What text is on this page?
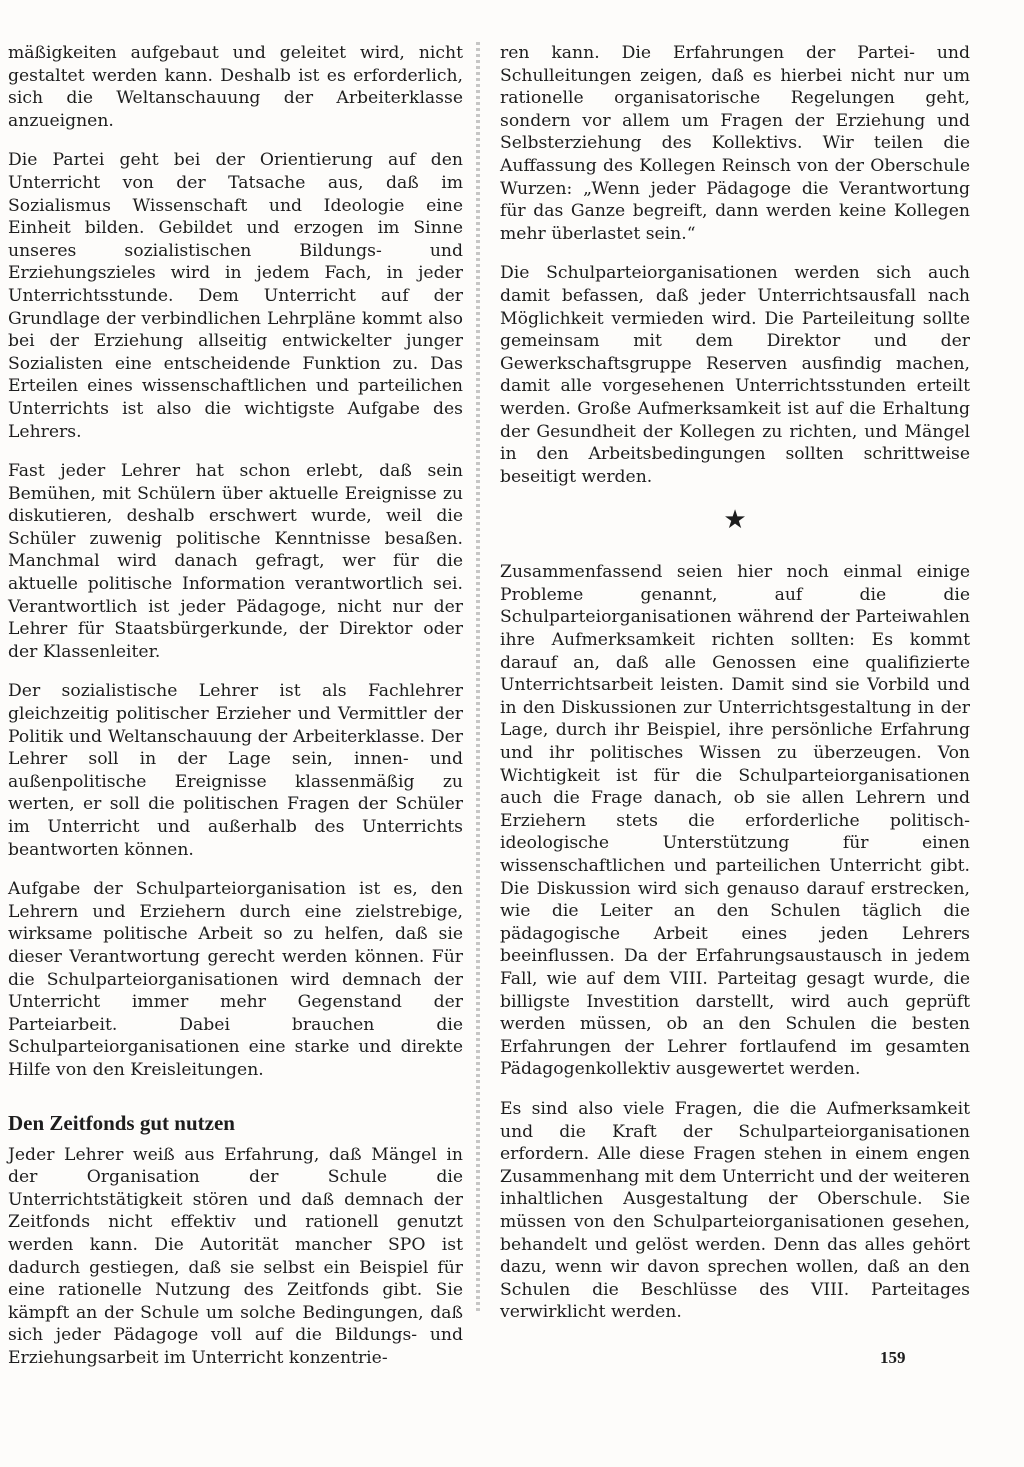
mäßigkeiten aufgebaut und geleitet wird, nicht gestaltet werden kann. Deshalb ist es erforderlich, sich die Weltanschauung der Arbeiterklasse anzueignen.

Die Partei geht bei der Orientierung auf den Unterricht von der Tatsache aus, daß im Sozialismus Wissenschaft und Ideologie eine Einheit bilden. Gebildet und erzogen im Sinne unseres sozialistischen Bildungs- und Erziehungszieles wird in jedem Fach, in jeder Unterrichtsstunde. Dem Unterricht auf der Grundlage der verbindlichen Lehrpläne kommt also bei der Erziehung allseitig entwickelter junger Sozialisten eine entscheidende Funktion zu. Das Erteilen eines wissenschaftlichen und parteilichen Unterrichts ist also die wichtigste Aufgabe des Lehrers.

Fast jeder Lehrer hat schon erlebt, daß sein Bemühen, mit Schülern über aktuelle Ereignisse zu diskutieren, deshalb erschwert wurde, weil die Schüler zuwenig politische Kenntnisse besaßen. Manchmal wird danach gefragt, wer für die aktuelle politische Information verantwortlich sei. Verantwortlich ist jeder Pädagoge, nicht nur der Lehrer für Staatsbürgerkunde, der Direktor oder der Klassenleiter.

Der sozialistische Lehrer ist als Fachlehrer gleichzeitig politischer Erzieher und Vermittler der Politik und Weltanschauung der Arbeiterklasse. Der Lehrer soll in der Lage sein, innen- und außenpolitische Ereignisse klassenmäßig zu werten, er soll die politischen Fragen der Schüler im Unterricht und außerhalb des Unterrichts beantworten können.

Aufgabe der Schulparteiorganisation ist es, den Lehrern und Erziehern durch eine zielstrebige, wirksame politische Arbeit so zu helfen, daß sie dieser Verantwortung gerecht werden können. Für die Schulparteiorganisationen wird demnach der Unterricht immer mehr Gegenstand der Parteiarbeit. Dabei brauchen die Schulparteiorganisationen eine starke und direkte Hilfe von den Kreisleitungen.

Den Zeitfonds gut nutzen

Jeder Lehrer weiß aus Erfahrung, daß Mängel in der Organisation der Schule die Unterrichtstätigkeit stören und daß demnach der Zeitfonds nicht effektiv und rationell genutzt werden kann. Die Autorität mancher SPO ist dadurch gestiegen, daß sie selbst ein Beispiel für eine rationelle Nutzung des Zeitfonds gibt. Sie kämpft an der Schule um solche Bedingungen, daß sich jeder Pädagoge voll auf die Bildungs- und Erziehungsarbeit im Unterricht konzentrie-

ren kann. Die Erfahrungen der Partei- und Schulleitungen zeigen, daß es hierbei nicht nur um rationelle organisatorische Regelungen geht, sondern vor allem um Fragen der Erziehung und Selbsterziehung des Kollektivs. Wir teilen die Auffassung des Kollegen Reinsch von der Oberschule Wurzen: „Wenn jeder Pädagoge die Verantwortung für das Ganze begreift, dann werden keine Kollegen mehr überlastet sein.“

Die Schulparteiorganisationen werden sich auch damit befassen, daß jeder Unterrichtsausfall nach Möglichkeit vermieden wird. Die Parteileitung sollte gemeinsam mit dem Direktor und der Gewerkschaftsgruppe Reserven ausfindig machen, damit alle vorgesehenen Unterrichtsstunden erteilt werden. Große Aufmerksamkeit ist auf die Erhaltung der Gesundheit der Kollegen zu richten, und Mängel in den Arbeitsbedingungen sollten schrittweise beseitigt werden.

★

Zusammenfassend seien hier noch einmal einige Probleme genannt, auf die die Schulparteiorganisationen während der Parteiwahlen ihre Aufmerksamkeit richten sollten: Es kommt darauf an, daß alle Genossen eine qualifizierte Unterrichtsarbeit leisten. Damit sind sie Vorbild und in den Diskussionen zur Unterrichtsgestaltung in der Lage, durch ihr Beispiel, ihre persönliche Erfahrung und ihr politisches Wissen zu überzeugen. Von Wichtigkeit ist für die Schulparteiorganisationen auch die Frage danach, ob sie allen Lehrern und Erziehern stets die erforderliche politisch-ideologische Unterstützung für einen wissenschaftlichen und parteilichen Unterricht gibt. Die Diskussion wird sich genauso darauf erstrecken, wie die Leiter an den Schulen täglich die pädagogische Arbeit eines jeden Lehrers beeinflussen. Da der Erfahrungsaustausch in jedem Fall, wie auf dem VIII. Parteitag gesagt wurde, die billigste Investition darstellt, wird auch geprüft werden müssen, ob an den Schulen die besten Erfahrungen der Lehrer fortlaufend im gesamten Pädagogenkollektiv ausgewertet werden.

Es sind also viele Fragen, die die Aufmerksamkeit und die Kraft der Schulparteiorganisationen erfordern. Alle diese Fragen stehen in einem engen Zusammenhang mit dem Unterricht und der weiteren inhaltlichen Ausgestaltung der Oberschule. Sie müssen von den Schulparteiorganisationen gesehen, behandelt und gelöst werden. Denn das alles gehört dazu, wenn wir davon sprechen wollen, daß an den Schulen die Beschlüsse des VIII. Parteitages verwirklicht werden.

159
